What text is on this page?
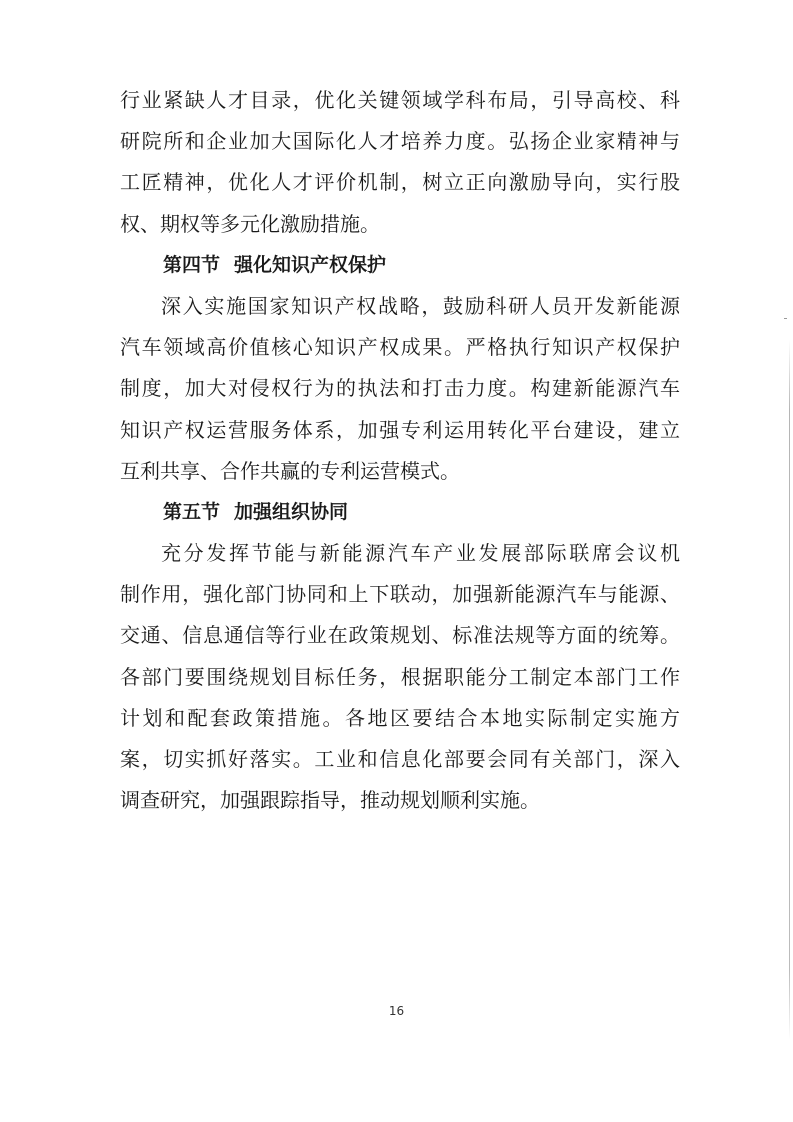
行业紧缺人才目录，优化关键领域学科布局，引导高校、科
研院所和企业加大国际化人才培养力度。弘扬企业家精神与
工匠精神，优化人才评价机制，树立正向激励导向，实行股
权、期权等多元化激励措施。
第四节 强化知识产权保护
深入实施国家知识产权战略，鼓励科研人员开发新能源
汽车领域高价值核心知识产权成果。严格执行知识产权保护
制度，加大对侵权行为的执法和打击力度。构建新能源汽车
知识产权运营服务体系，加强专利运用转化平台建设，建立
互利共享、合作共赢的专利运营模式。
第五节 加强组织协同
充分发挥节能与新能源汽车产业发展部际联席会议机
制作用，强化部门协同和上下联动，加强新能源汽车与能源、
交通、信息通信等行业在政策规划、标准法规等方面的统筹。
各部门要围绕规划目标任务，根据职能分工制定本部门工作
计划和配套政策措施。各地区要结合本地实际制定实施方
案，切实抓好落实。工业和信息化部要会同有关部门，深入
调查研究，加强跟踪指导，推动规划顺利实施。
16
